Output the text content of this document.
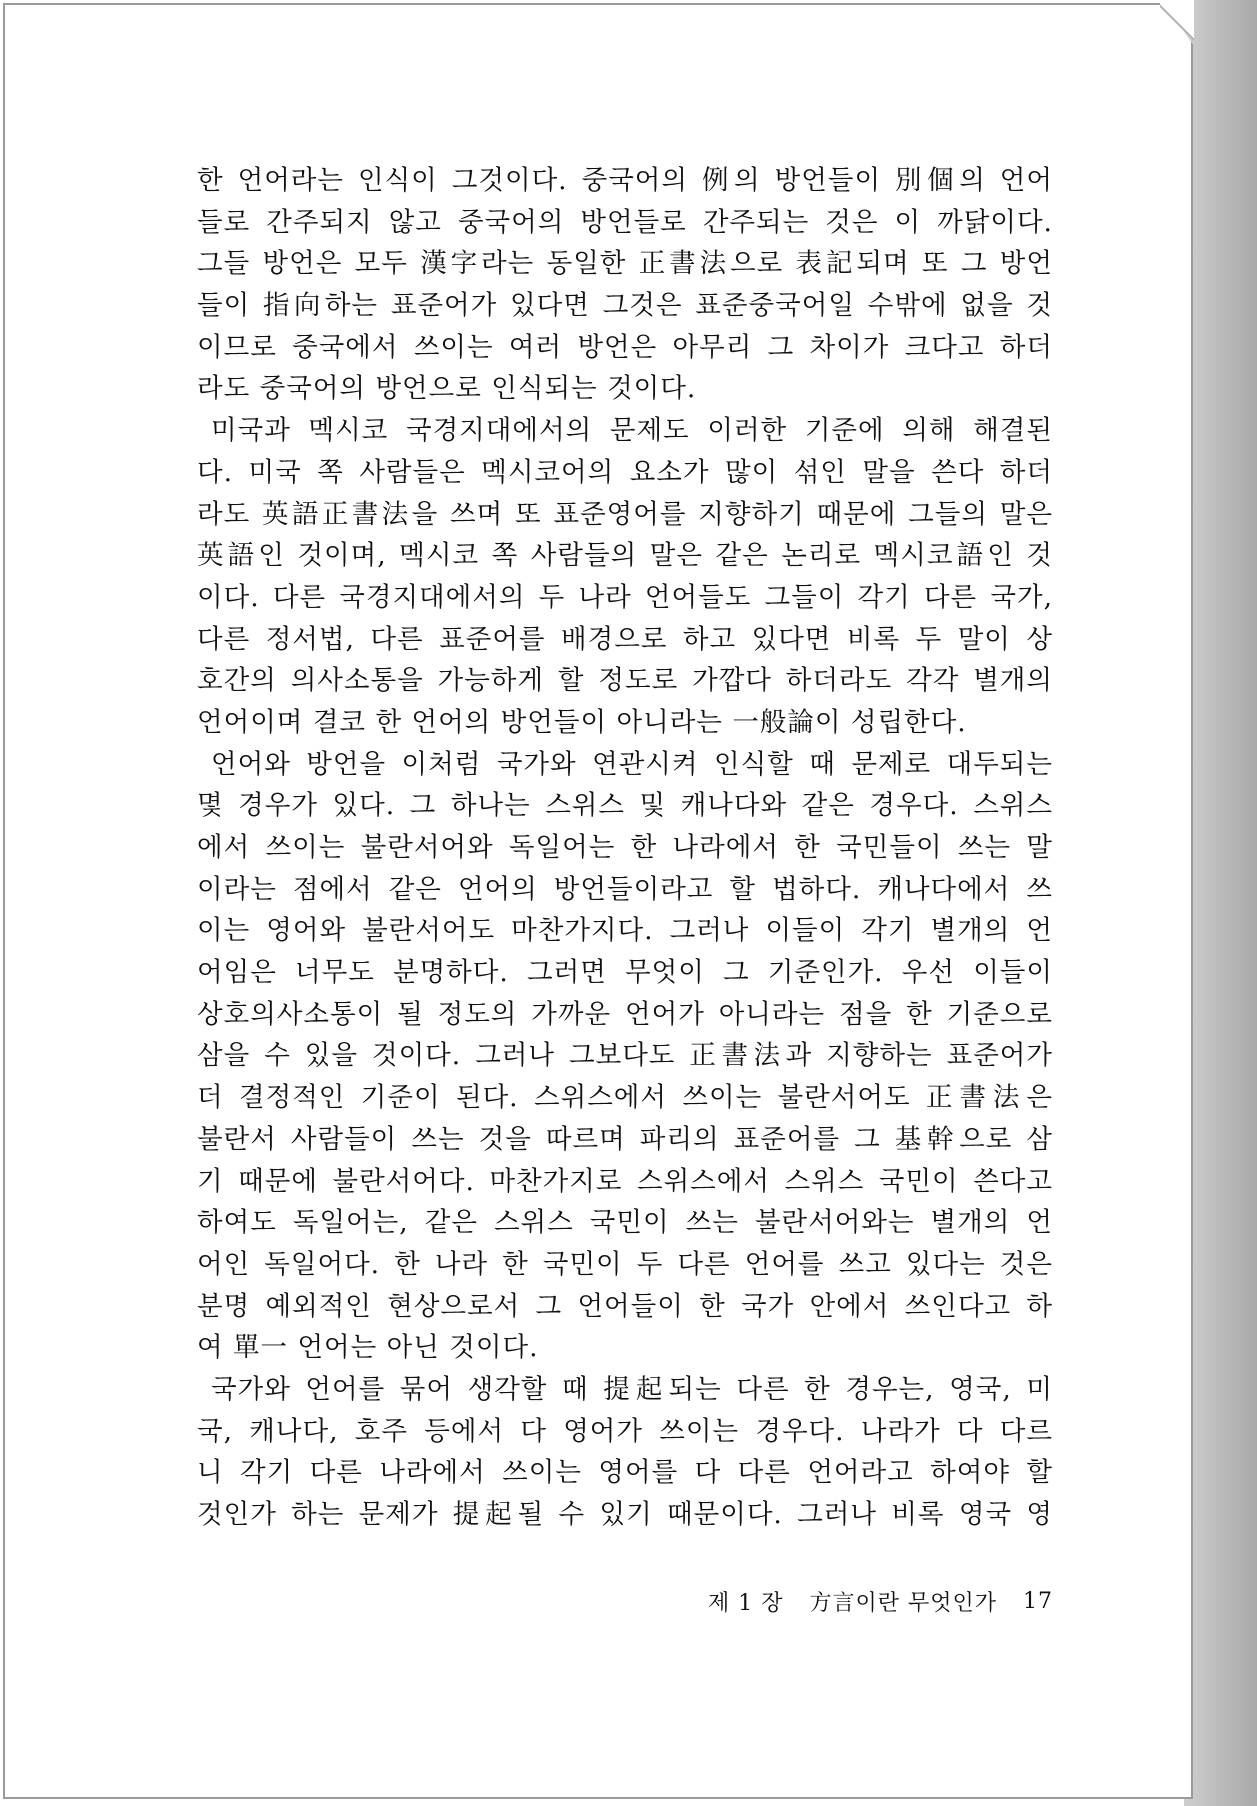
한 언어라는 인식이 그것이다. 중국어의 例의 방언들이 別個의 언어
들로 간주되지 않고 중국어의 방언들로 간주되는 것은 이 까닭이다.
그들 방언은 모두 漢字라는 동일한 正書法으로 表記되며 또 그 방언
들이 指向하는 표준어가 있다면 그것은 표준중국어일 수밖에 없을 것
이므로 중국에서 쓰이는 여러 방언은 아무리 그 차이가 크다고 하더
라도 중국어의 방언으로 인식되는 것이다.
미국과 멕시코 국경지대에서의 문제도 이러한 기준에 의해 해결된
다. 미국 쪽 사람들은 멕시코어의 요소가 많이 섞인 말을 쓴다 하더
라도 英語正書法을 쓰며 또 표준영어를 지향하기 때문에 그들의 말은
英語인 것이며, 멕시코 쪽 사람들의 말은 같은 논리로 멕시코語인 것
이다. 다른 국경지대에서의 두 나라 언어들도 그들이 각기 다른 국가,
다른 정서법, 다른 표준어를 배경으로 하고 있다면 비록 두 말이 상
호간의 의사소통을 가능하게 할 정도로 가깝다 하더라도 각각 별개의
언어이며 결코 한 언어의 방언들이 아니라는 一般論이 성립한다.
언어와 방언을 이처럼 국가와 연관시켜 인식할 때 문제로 대두되는
몇 경우가 있다. 그 하나는 스위스 및 캐나다와 같은 경우다. 스위스
에서 쓰이는 불란서어와 독일어는 한 나라에서 한 국민들이 쓰는 말
이라는 점에서 같은 언어의 방언들이라고 할 법하다. 캐나다에서 쓰
이는 영어와 불란서어도 마찬가지다. 그러나 이들이 각기 별개의 언
어임은 너무도 분명하다. 그러면 무엇이 그 기준인가. 우선 이들이
상호의사소통이 될 정도의 가까운 언어가 아니라는 점을 한 기준으로
삼을 수 있을 것이다. 그러나 그보다도 正書法과 지향하는 표준어가
더 결정적인 기준이 된다. 스위스에서 쓰이는 불란서어도 正書法은
불란서 사람들이 쓰는 것을 따르며 파리의 표준어를 그 基幹으로 삼
기 때문에 불란서어다. 마찬가지로 스위스에서 스위스 국민이 쓴다고
하여도 독일어는, 같은 스위스 국민이 쓰는 불란서어와는 별개의 언
어인 독일어다. 한 나라 한 국민이 두 다른 언어를 쓰고 있다는 것은
분명 예외적인 현상으로서 그 언어들이 한 국가 안에서 쓰인다고 하
여 單一 언어는 아닌 것이다.
국가와 언어를 묶어 생각할 때 提起되는 다른 한 경우는, 영국, 미
국, 캐나다, 호주 등에서 다 영어가 쓰이는 경우다. 나라가 다 다르
니 각기 다른 나라에서 쓰이는 영어를 다 다른 언어라고 하여야 할
것인가 하는 문제가 提起될 수 있기 때문이다. 그러나 비록 영국 영
제 1 장 方言이란 무엇인가 17
